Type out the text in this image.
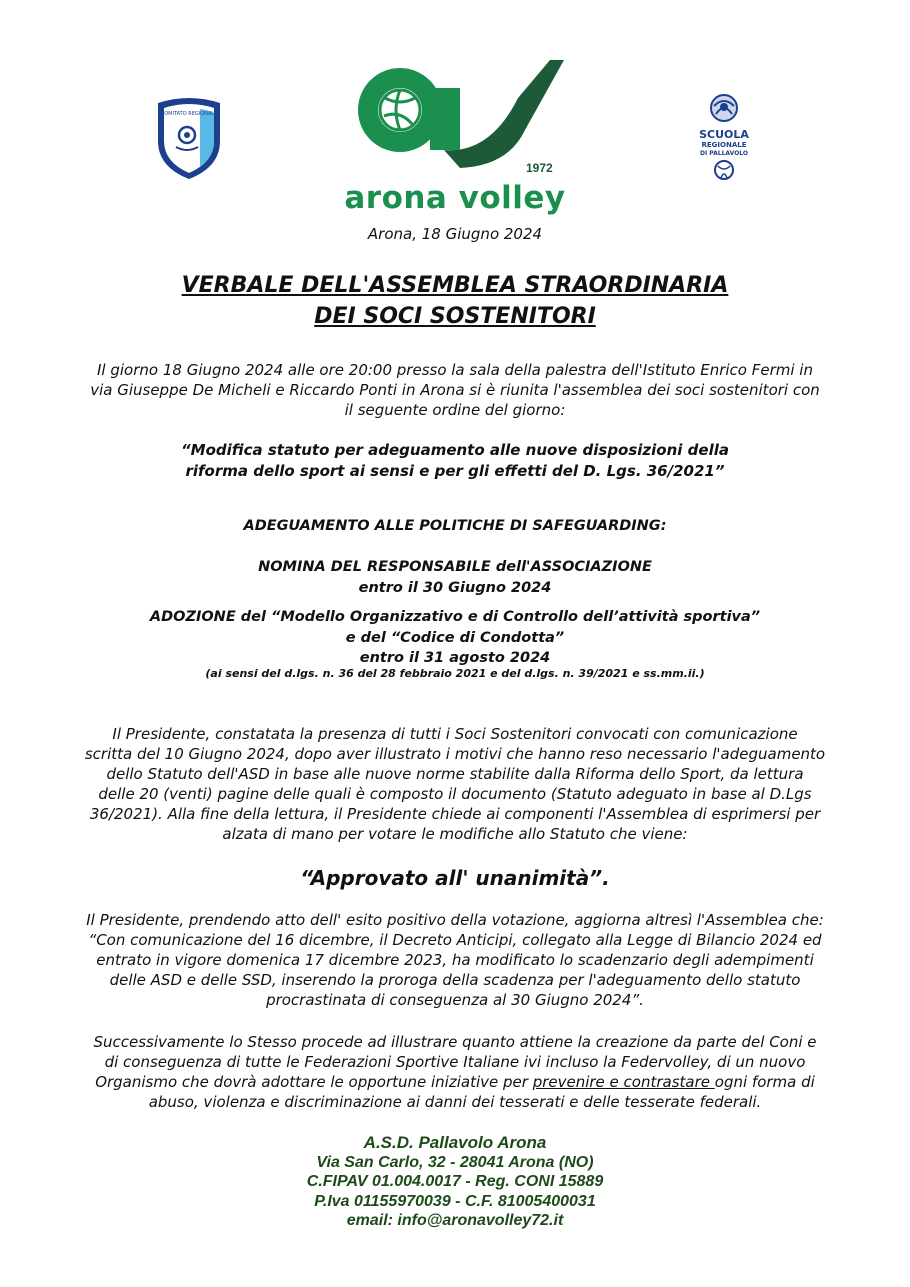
COMITATO REGIONALE
1972
arona volley
SCUOLA
REGIONALE
DI PALLAVOLO
Arona, 18 Giugno 2024
VERBALE DELL'ASSEMBLEA STRAORDINARIA
DEI SOCI SOSTENITORI
Il giorno 18 Giugno 2024 alle ore 20:00 presso la sala della palestra dell'Istituto Enrico Fermi in
via Giuseppe De Micheli e Riccardo Ponti in Arona si è riunita l'assemblea dei soci sostenitori con
il seguente ordine del giorno:
“Modifica statuto per adeguamento alle nuove disposizioni della
riforma dello sport ai sensi e per gli effetti del D. Lgs. 36/2021”
ADEGUAMENTO ALLE POLITICHE DI SAFEGUARDING:
NOMINA DEL RESPONSABILE dell'ASSOCIAZIONE
entro il 30 Giugno 2024
ADOZIONE del “Modello Organizzativo e di Controllo dell’attività sportiva”
e del “Codice di Condotta”
entro il 31 agosto 2024
(ai sensi del d.lgs. n. 36 del 28 febbraio 2021 e del d.lgs. n. 39/2021 e ss.mm.ii.)
Il Presidente, constatata la presenza di tutti i Soci Sostenitori convocati con comunicazione
scritta del 10 Giugno 2024, dopo aver illustrato i motivi che hanno reso necessario l'adeguamento
dello Statuto dell'ASD in base alle nuove norme stabilite dalla Riforma dello Sport, da lettura
delle 20 (venti) pagine delle quali è composto il documento (Statuto adeguato in base al D.Lgs
36/2021). Alla fine della lettura, il Presidente chiede ai componenti l'Assemblea di esprimersi per
alzata di mano per votare le modifiche allo Statuto che viene:
“Approvato all' unanimità”.
Il Presidente, prendendo atto dell' esito positivo della votazione, aggiorna altresì l'Assemblea che:
“Con comunicazione del 16 dicembre, il Decreto Anticipi, collegato alla Legge di Bilancio 2024 ed
entrato in vigore domenica 17 dicembre 2023, ha modificato lo scadenzario degli adempimenti
delle ASD e delle SSD, inserendo la proroga della scadenza per l'adeguamento dello statuto
procrastinata di conseguenza al 30 Giugno 2024”.
Successivamente lo Stesso procede ad illustrare quanto attiene la creazione da parte del Coni e
di conseguenza di tutte le Federazioni Sportive Italiane ivi incluso la Federvolley, di un nuovo
Organismo che dovrà adottare le opportune iniziative per prevenire e contrastare ogni forma di
abuso, violenza e discriminazione ai danni dei tesserati e delle tesserate federali.
A.S.D. Pallavolo Arona
Via San Carlo, 32 - 28041 Arona (NO)
C.FIPAV 01.004.0017 - Reg. CONI 15889
P.Iva 01155970039 - C.F. 81005400031
email: info@aronavolley72.it
